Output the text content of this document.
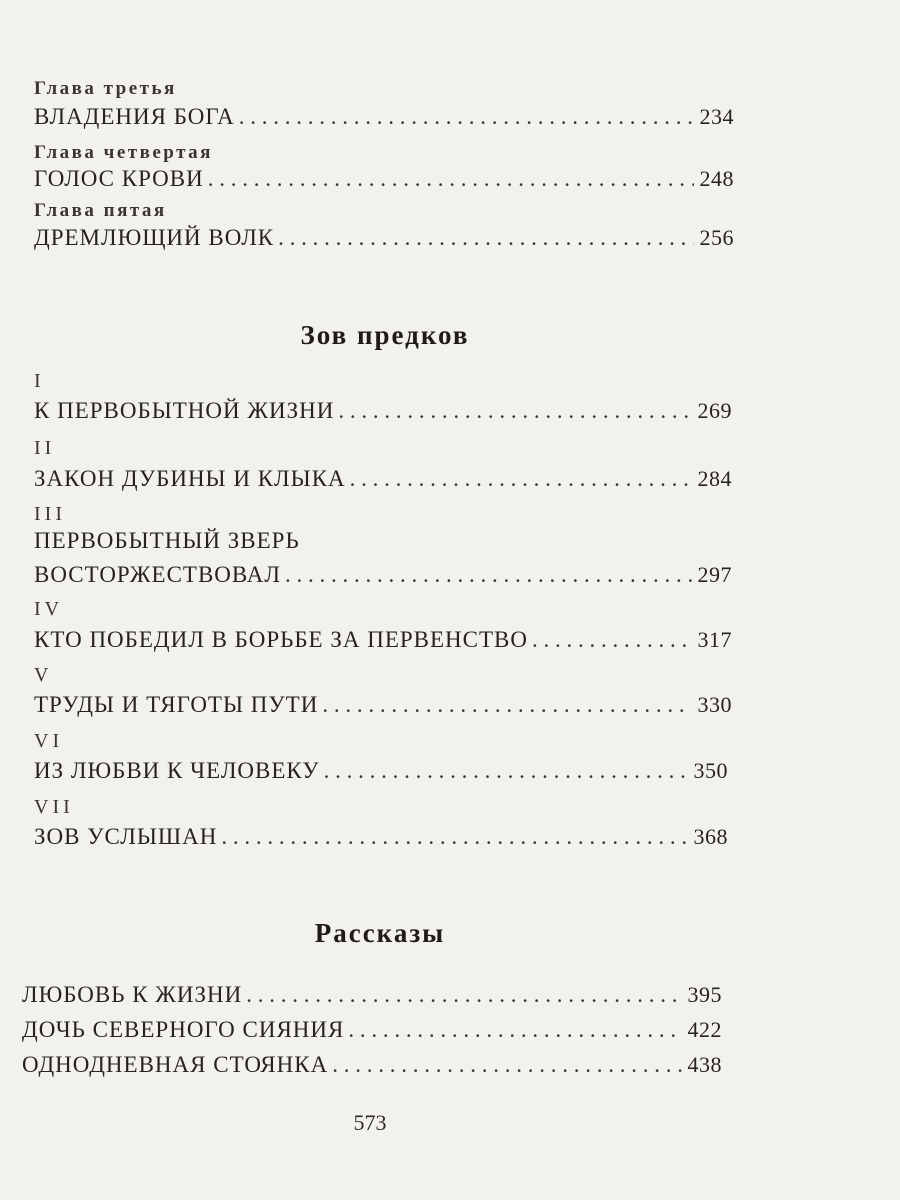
Глава третья
ВЛАДЕНИЯ БОГА . . .	234
Глава четвертая
ГОЛОС КРОВИ . . .	248
Глава пятая
ДРЕМЛЮЩИЙ ВОЛК . . .	256
Зов предков
I
К ПЕРВОБЫТНОЙ ЖИЗНИ . . .	269
II
ЗАКОН ДУБИНЫ И КЛЫКА . . .	284
III
ПЕРВОБЫТНЫЙ ЗВЕРЬ
ВОСТОРЖЕСТВОВАЛ . . .	297
IV
КТО ПОБЕДИЛ В БОРЬБЕ ЗА ПЕРВЕНСТВО . . .	317
V
ТРУДЫ И ТЯГОТЫ ПУТИ . . .	330
VI
ИЗ ЛЮБВИ К ЧЕЛОВЕКУ . . .	350
VII
ЗОВ УСЛЫШАН . . .	368
Рассказы
ЛЮБОВЬ К ЖИЗНИ . . .	395
ДОЧЬ СЕВЕРНОГО СИЯНИЯ . . .	422
ОДНОДНЕВНАЯ СТОЯНКА . . .	438
573
